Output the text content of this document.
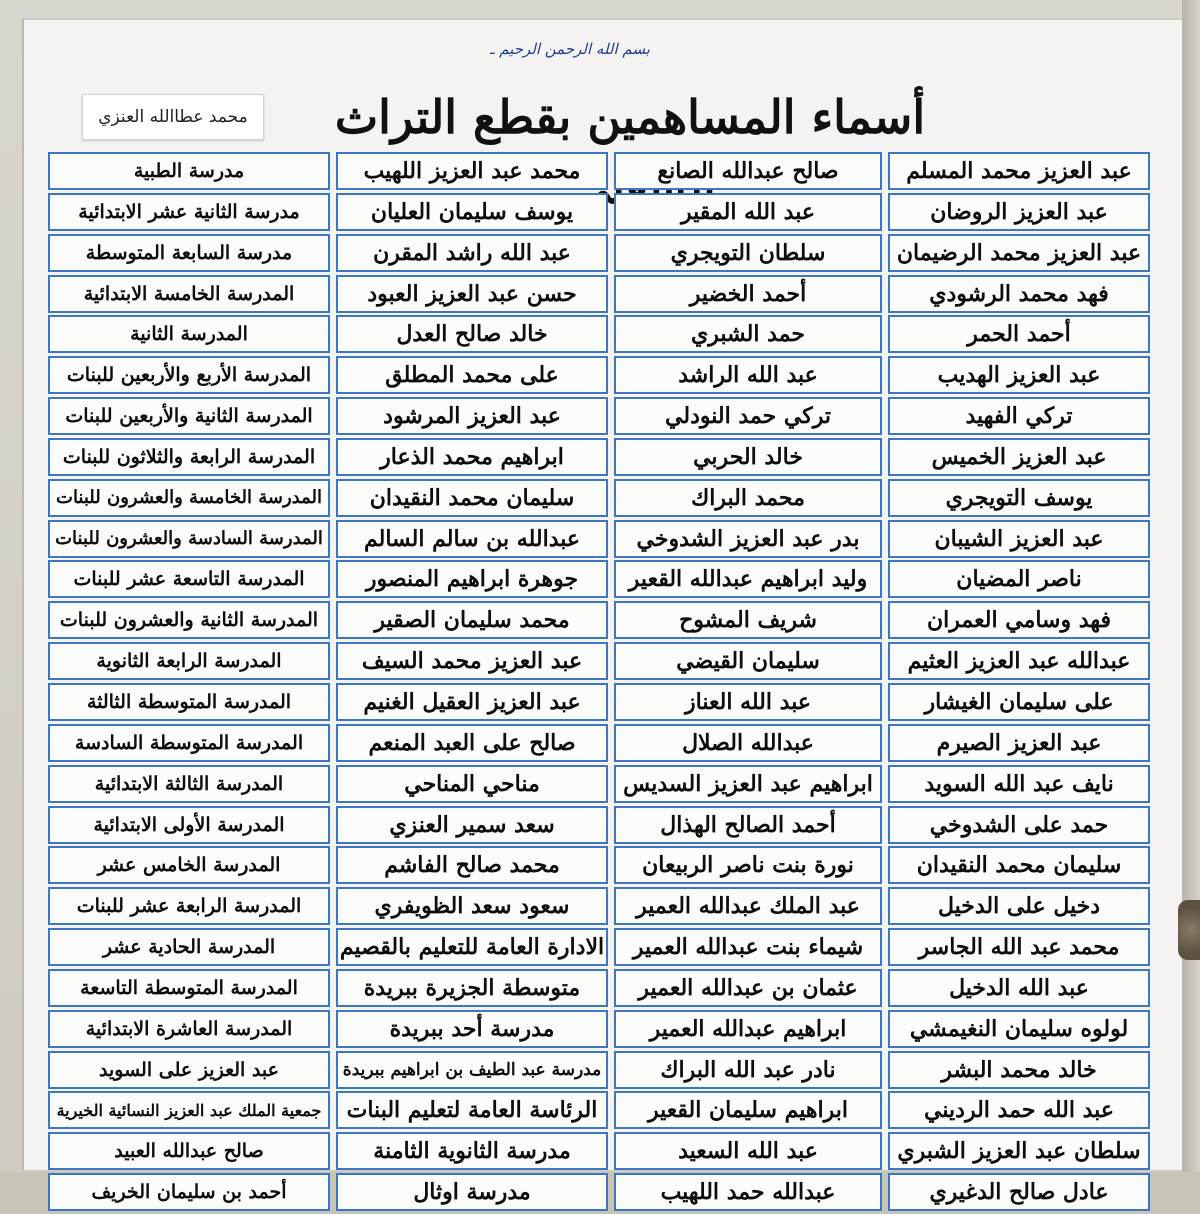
بسم الله الرحمن الرحيم ـ
أسماء المساهمين بقطع التراث
محمد عطاالله العنزي
عبد العزيز محمد المسلم
صالح عبدالله الصانع
محمد عبد العزيز اللهيب
مدرسة الطبية
عبد العزيز الروضان
عبد الله المقير
يوسف سليمان العليان
مدرسة الثانية عشر الابتدائية
عبد العزيز محمد الرضيمان
سلطان التويجري
عبد الله راشد المقرن
مدرسة السابعة المتوسطة
فهد محمد الرشودي
أحمد الخضير
حسن عبد العزيز العبود
المدرسة الخامسة الابتدائية
أحمد الحمر
حمد الشبري
خالد صالح العدل
المدرسة الثانية
عبد العزيز الهديب
عبد الله الراشد
على محمد المطلق
المدرسة الأربع والأربعين للبنات
تركي الفهيد
تركي حمد النودلي
عبد العزيز المرشود
المدرسة الثانية والأربعين للبنات
عبد العزيز الخميس
خالد الحربي
ابراهيم محمد الذعار
المدرسة الرابعة والثلاثون للبنات
يوسف التويجري
محمد البراك
سليمان محمد النقيدان
المدرسة الخامسة والعشرون للبنات
عبد العزيز الشيبان
بدر عبد العزيز الشدوخي
عبدالله بن سالم السالم
المدرسة السادسة والعشرون للبنات
ناصر المضيان
وليد ابراهيم عبدالله القعير
جوهرة ابراهيم المنصور
المدرسة التاسعة عشر للبنات
فهد وسامي العمران
شريف المشوح
محمد سليمان الصقير
المدرسة الثانية والعشرون للبنات
عبدالله عبد العزيز العثيم
سليمان القيضي
عبد العزيز محمد السيف
المدرسة الرابعة الثانوية
على سليمان الغيشار
عبد الله العناز
عبد العزيز العقيل الغنيم
المدرسة المتوسطة الثالثة
عبد العزيز الصيرم
عبدالله الصلال
صالح على العبد المنعم
المدرسة المتوسطة السادسة
نايف عبد الله السويد
ابراهيم عبد العزيز السديس
مناحي المناحي
المدرسة الثالثة الابتدائية
حمد على الشدوخي
أحمد الصالح الهذال
سعد سمير العنزي
المدرسة الأولى الابتدائية
سليمان محمد النقيدان
نورة بنت ناصر الربيعان
محمد صالح الفاشم
المدرسة الخامس عشر
دخيل على الدخيل
عبد الملك عبدالله العمير
سعود سعد الظويفري
المدرسة الرابعة عشر للبنات
محمد عبد الله الجاسر
شيماء بنت عبدالله العمير
الادارة العامة للتعليم بالقصيم
المدرسة الحادية عشر
عبد الله الدخيل
عثمان بن عبدالله العمير
متوسطة الجزيرة ببريدة
المدرسة المتوسطة التاسعة
لولوه سليمان النغيمشي
ابراهيم عبدالله العمير
مدرسة أحد ببريدة
المدرسة العاشرة الابتدائية
خالد محمد البشر
نادر عبد الله البراك
مدرسة عبد الطيف بن ابراهيم ببريدة
عبد العزيز على السويد
عبد الله حمد الرديني
ابراهيم سليمان القعير
الرئاسة العامة لتعليم البنات
جمعية الملك عبد العزيز النسائية الخيرية
سلطان عبد العزيز الشبري
عبد الله السعيد
مدرسة الثانوية الثامنة
صالح عبدالله العبيد
عادل صالح الدغيري
عبدالله حمد اللهيب
مدرسة اوثال
أحمد بن سليمان الخريف
